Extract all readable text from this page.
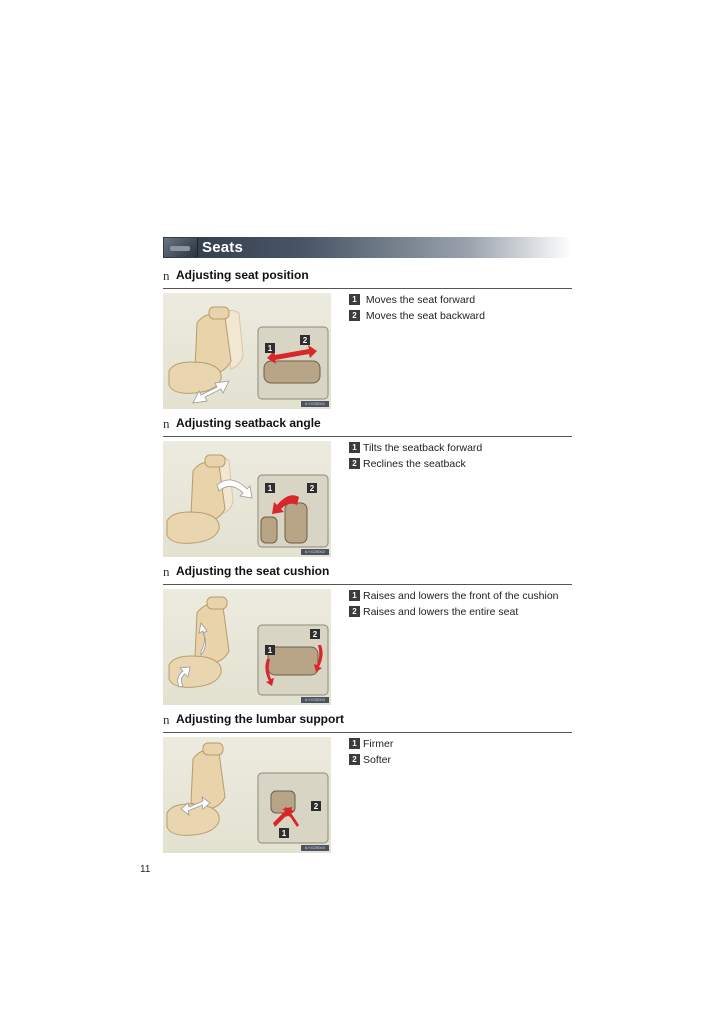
Seats
n Adjusting seat position
1
2
ILYG25001
1 Moves the seat forward
2 Moves the seat backward
n Adjusting seatback angle
1	2
ILYG25002
1 Tilts the seatback forward
2 Reclines the seatback
n Adjusting the seat cushion
1
2
ILYG25003
1 Raises and lowers the front of the cushion
2 Raises and lowers the entire seat
n Adjusting the lumbar support
2
1
ILYG25004
1 Firmer
2 Softer
11
